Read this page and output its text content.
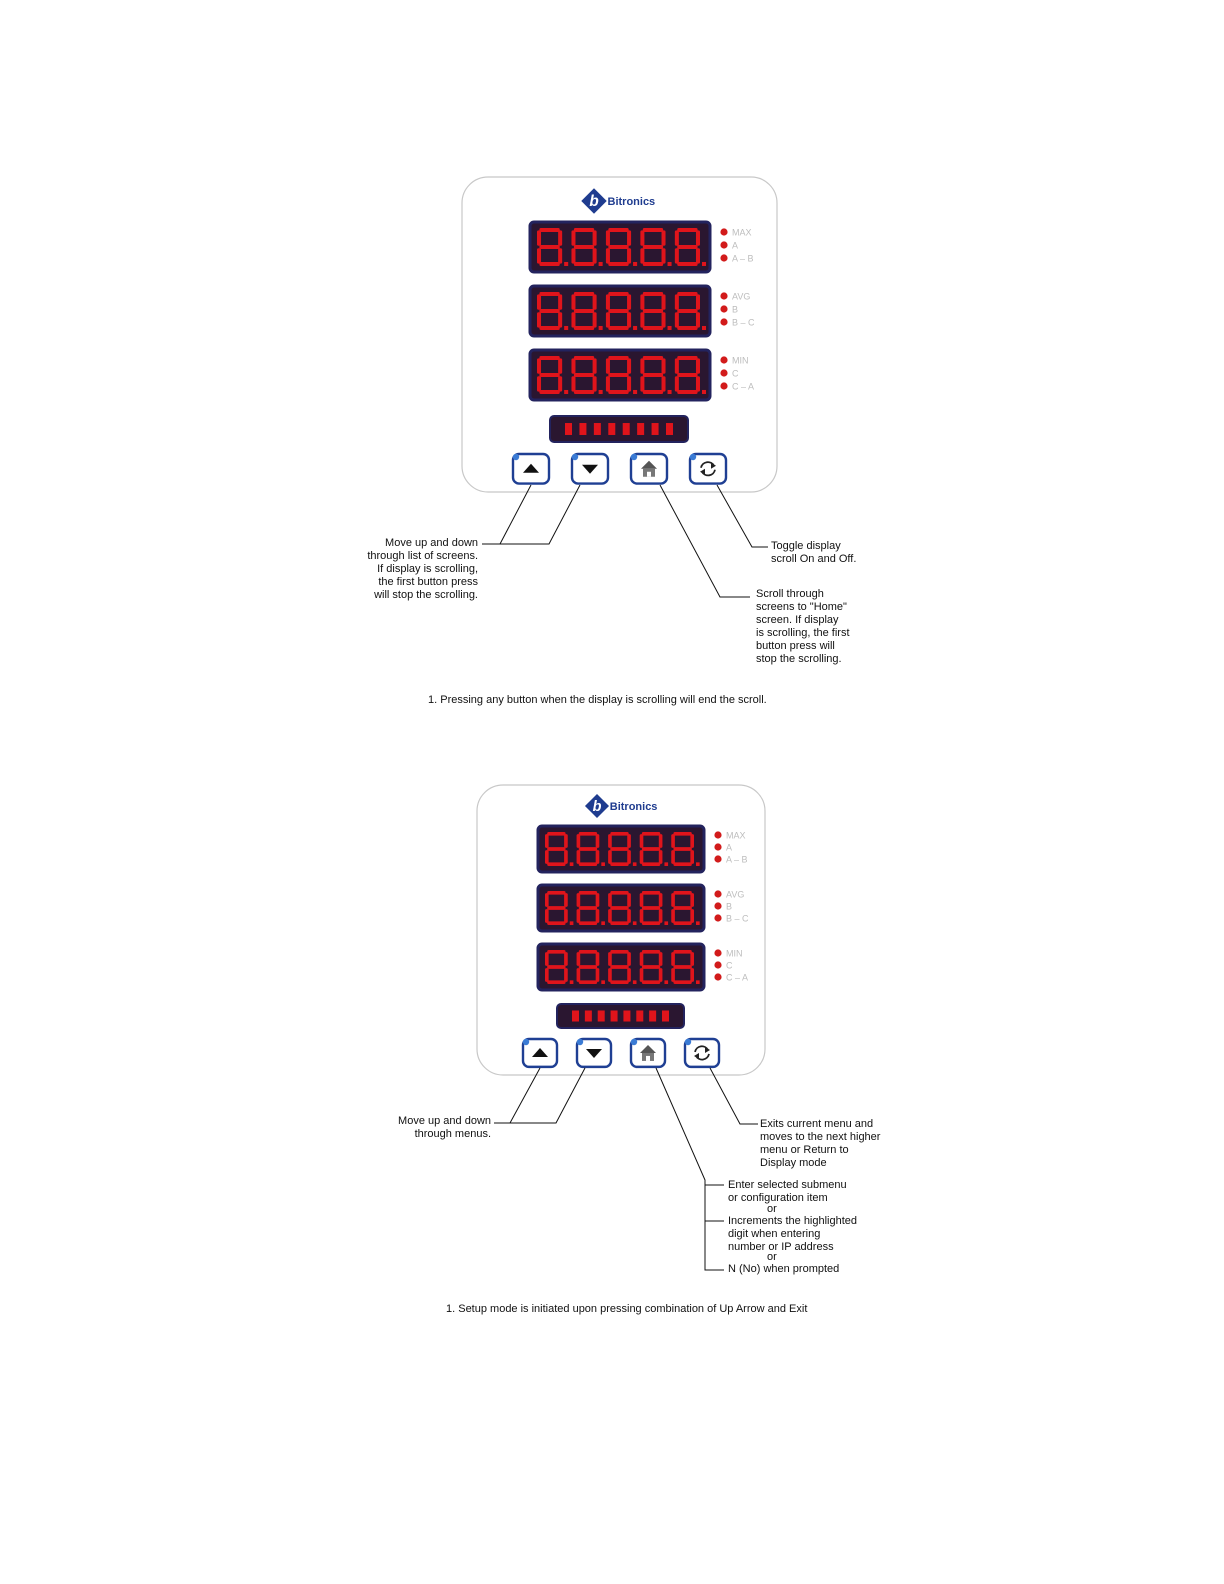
b Bitronics
MAX
A
A – B
AVG
B
B – C
MIN
C
C – A
b Bitronics
MAX
A
A – B
AVG
B
B – C
MIN
C
C – A
Move up and down
through list of screens.
If display is scrolling,
the first button press
will stop the scrolling.
Toggle display
scroll On and Off.
Scroll through
screens to "Home"
screen. If display
is scrolling, the first
button press will
stop the scrolling.
1. Pressing any button when the display is scrolling will end the scroll.
Move up and down
through menus.
Exits current menu and
moves to the next higher
menu or Return to
Display mode
Enter selected submenu
or configuration item
or
Increments the highlighted
digit when entering
number or IP address
or
N (No) when prompted
1. Setup mode is initiated upon pressing combination of Up Arrow and Exit
